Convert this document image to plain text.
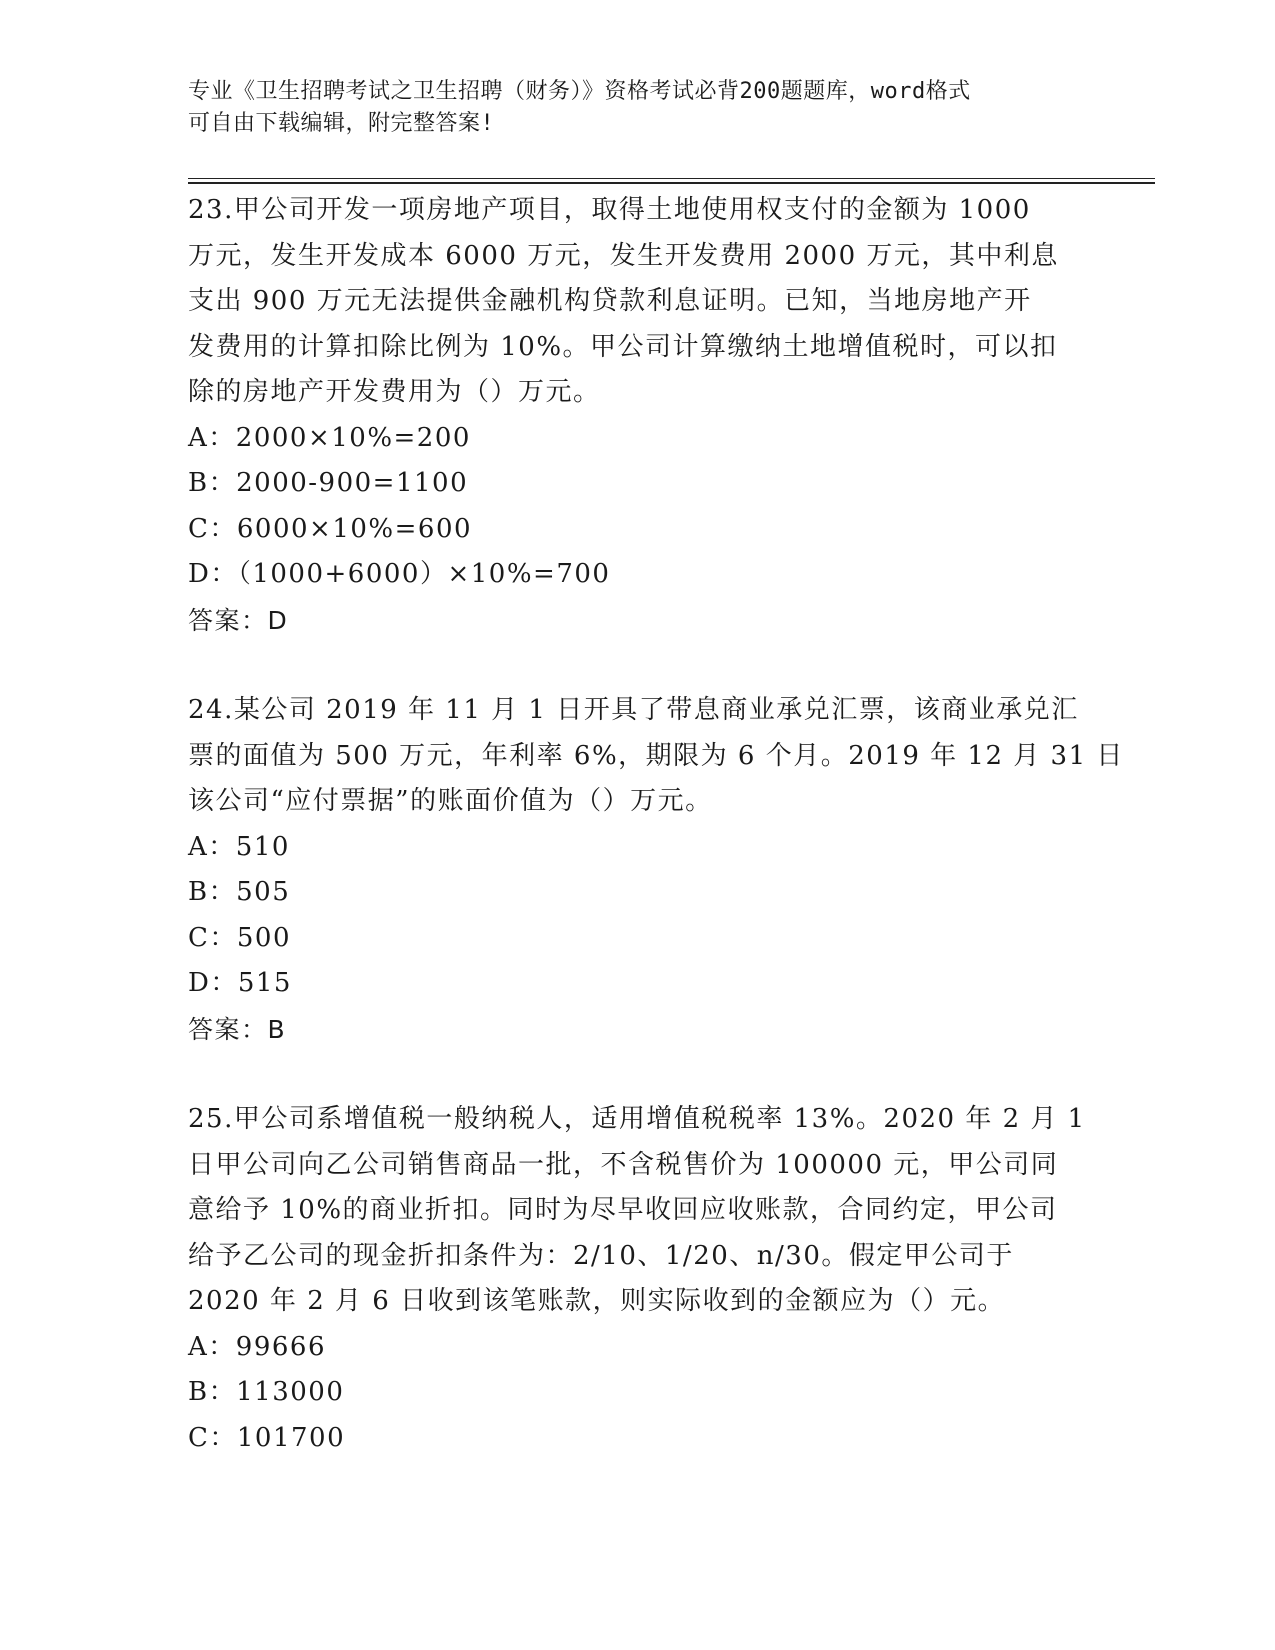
专业《卫生招聘考试之卫生招聘（财务）》资格考试必背200题题库，word格式
可自由下载编辑，附完整答案!
23.甲公司开发一项房地产项目，取得土地使用权支付的金额为 1000
万元，发生开发成本 6000 万元，发生开发费用 2000 万元，其中利息
支出 900 万元无法提供金融机构贷款利息证明。已知，当地房地产开
发费用的计算扣除比例为 10%。甲公司计算缴纳土地增值税时，可以扣
除的房地产开发费用为（）万元。
A：2000×10%=200
B：2000-900=1100
C：6000×10%=600
D：（1000+6000）×10%=700
答案：D
24.某公司 2019 年 11 月 1 日开具了带息商业承兑汇票，该商业承兑汇
票的面值为 500 万元，年利率 6%，期限为 6 个月。2019 年 12 月 31 日
该公司“应付票据”的账面价值为（）万元。
A：510
B：505
C：500
D：515
答案：B
25.甲公司系增值税一般纳税人，适用增值税税率 13%。2020 年 2 月 1
日甲公司向乙公司销售商品一批，不含税售价为 100000 元，甲公司同
意给予 10%的商业折扣。同时为尽早收回应收账款，合同约定，甲公司
给予乙公司的现金折扣条件为：2/10、1/20、n/30。假定甲公司于
2020 年 2 月 6 日收到该笔账款，则实际收到的金额应为（）元。
A：99666
B：113000
C：101700
